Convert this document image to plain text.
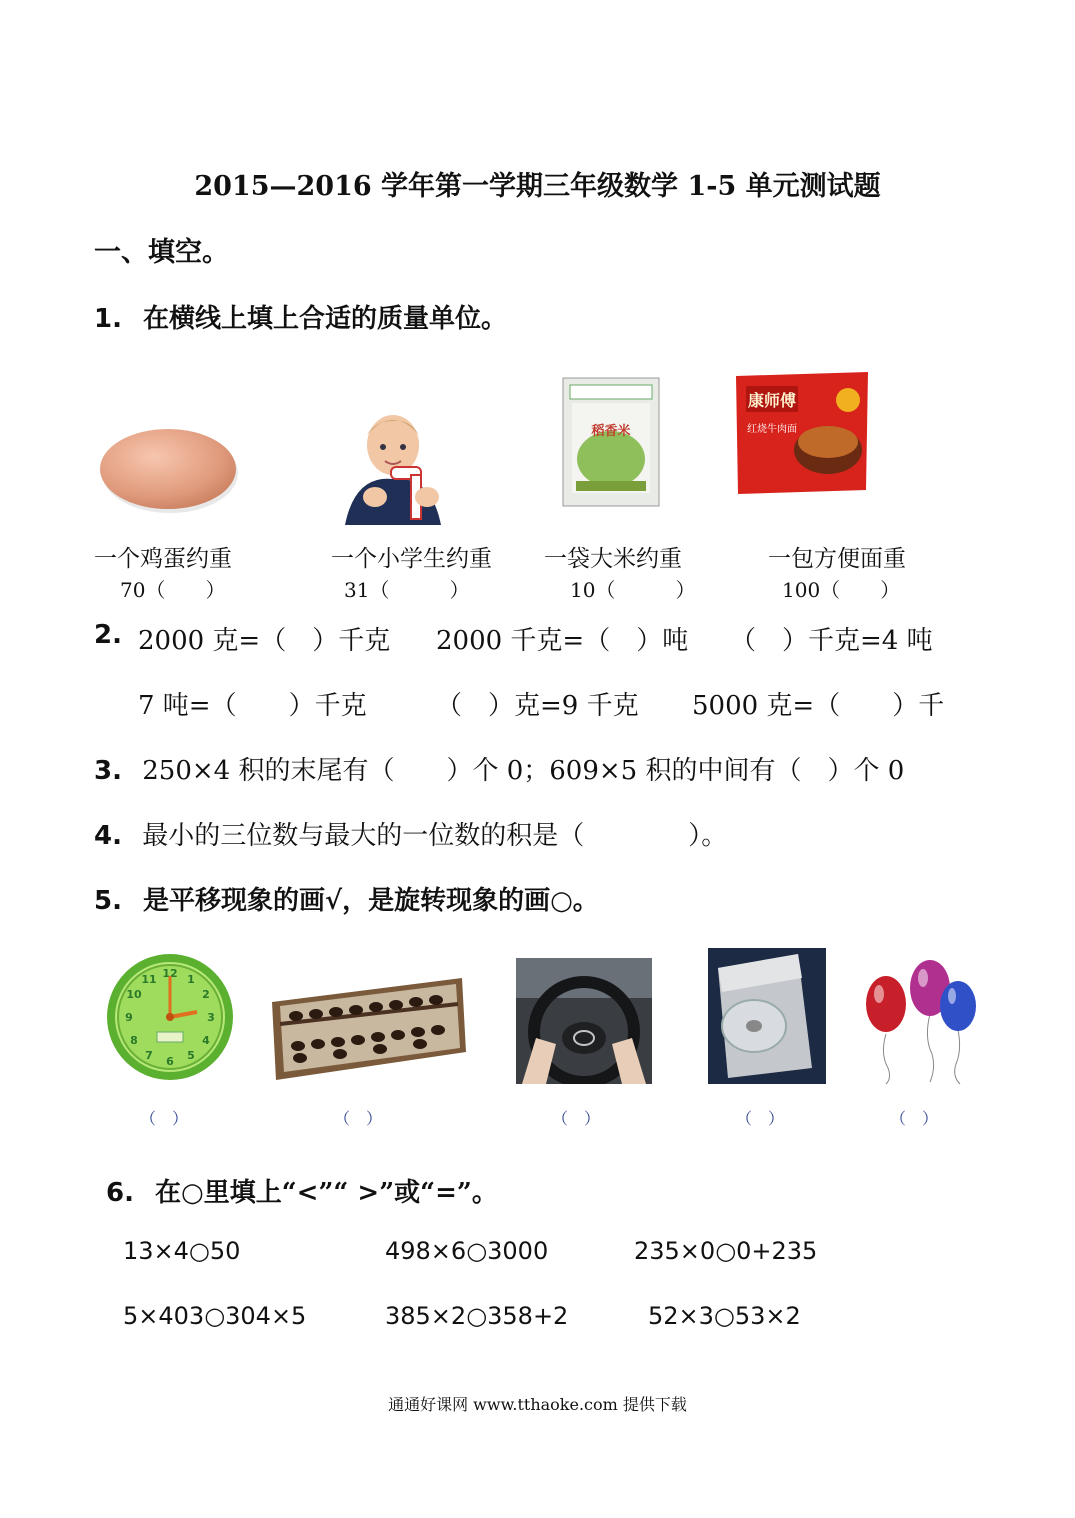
2015—2016 学年第一学期三年级数学 1-5 单元测试题
一、填空。
1. 在横线上填上合适的质量单位。
稻香米
康师傅
红烧牛肉面
一个鸡蛋约重	一个小学生约重 一袋大米约重	一包方便面重
70（　　）	31（　　　）	10（　　　）	100（　　）
2. 2000 克=（　）千克 2000 千克=（　）吨 （　）千克=4 吨
7 吨=（　　）千克	（　）克=9 千克 5000 克=（　　）千
3. 250×4 积的末尾有（　　）个 0；609×5 积的中间有（　）个 0
4. 最小的三位数与最大的一位数的积是（　　　　）。
5. 是平移现象的画√，是旋转现象的画○。
12 1
2
3
4
5
6
7
8
9
10
11
（　）	（　）	（　）	（　）	（　）
6. 在○里填上“<”“ >”或“=”。
13×4○50	498×6○3000	235×0○0+235
5×403○304×5	385×2○358+2	52×3○53×2
通通好课网 www.tthaoke.com 提供下载
